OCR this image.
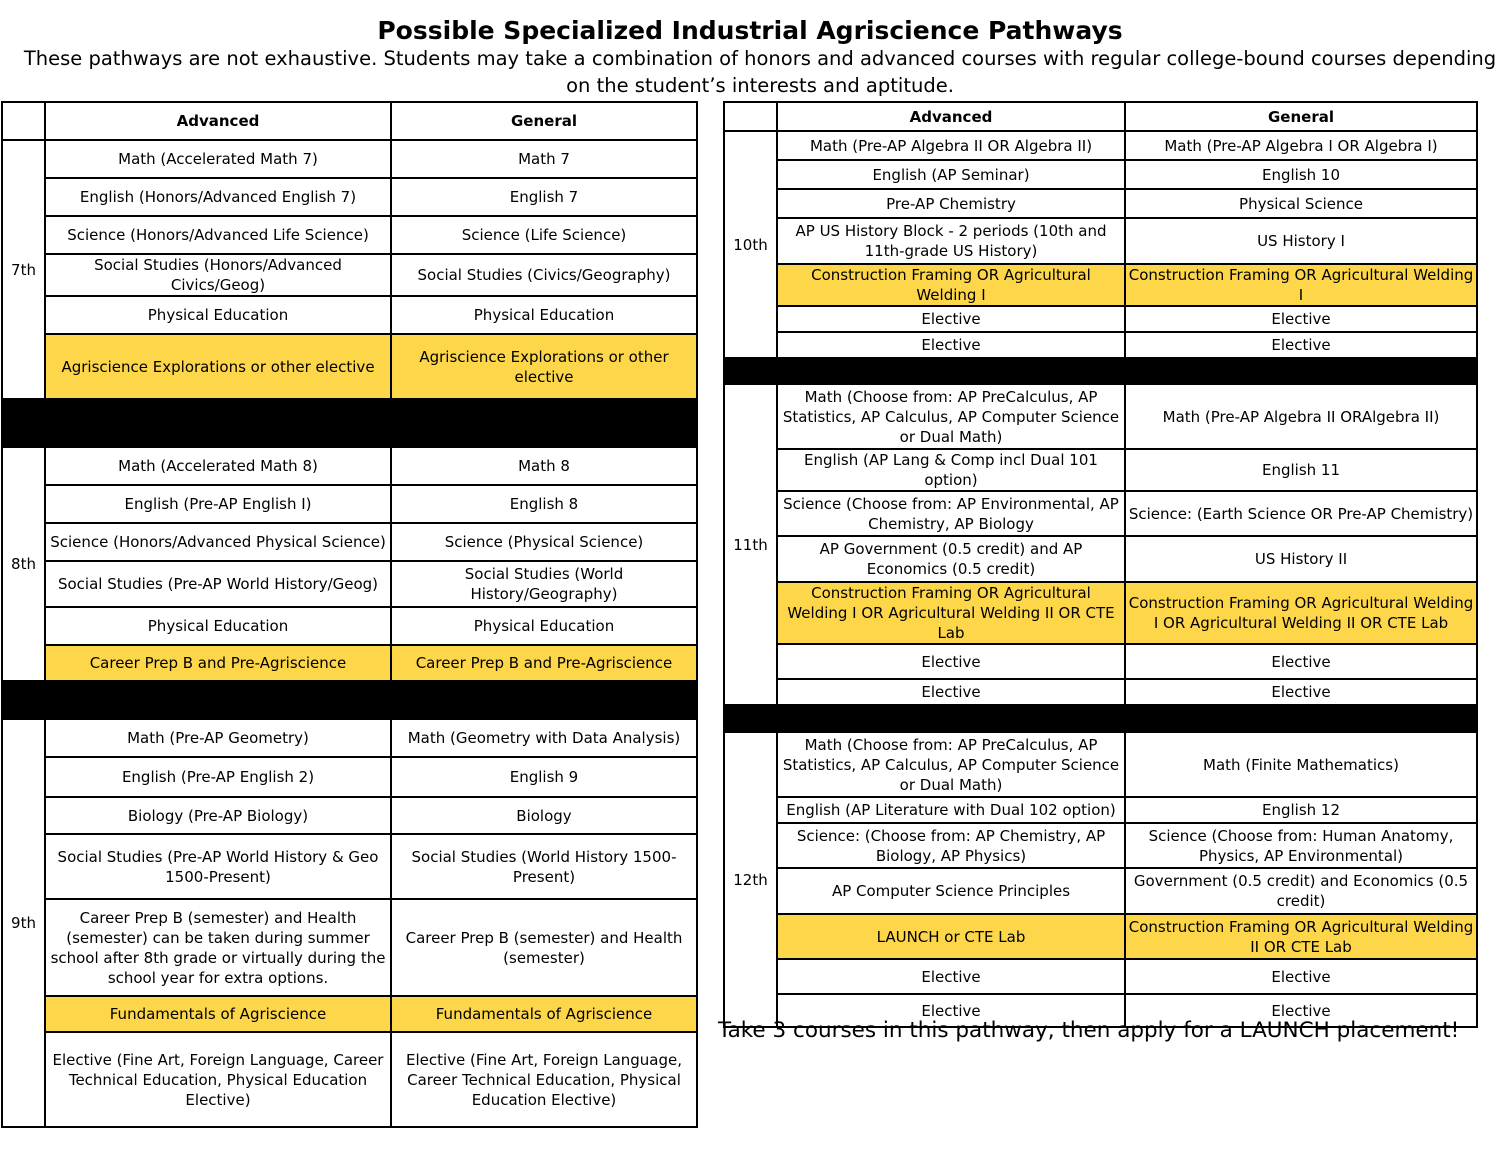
Possible Specialized Industrial Agriscience Pathways
These pathways are not exhaustive. Students may take a combination of honors and advanced courses with regular college-bound courses depending on the student’s interests and aptitude.
	Advanced	General
7th	Math (Accelerated Math 7)	Math 7
	English (Honors/Advanced English 7)	English 7
	Science (Honors/Advanced Life Science)	Science (Life Science)
	Social Studies (Honors/Advanced Civics/Geog)	Social Studies (Civics/Geography)
	Physical Education	Physical Education
	Agriscience Explorations or other elective	Agriscience Explorations or other elective

8th	Math (Accelerated Math 8)	Math 8
	English (Pre-AP English I)	English 8
	Science (Honors/Advanced Physical Science)	Science (Physical Science)
	Social Studies (Pre-AP World History/Geog)	Social Studies (World History/Geography)
	Physical Education	Physical Education
	Career Prep B and Pre-Agriscience	Career Prep B and Pre-Agriscience

9th	Math (Pre-AP Geometry)	Math (Geometry with Data Analysis)
	English (Pre-AP English 2)	English 9
	Biology (Pre-AP Biology)	Biology
	Social Studies (Pre-AP World History & Geo 1500-Present)	Social Studies (World History 1500-Present)
	Career Prep B (semester) and Health (semester) can be taken during summer school after 8th grade or virtually during the school year for extra options.	Career Prep B (semester) and Health (semester)
	Fundamentals of Agriscience	Fundamentals of Agriscience
	Elective (Fine Art, Foreign Language, Career Technical Education, Physical Education Elective)	Elective (Fine Art, Foreign Language, Career Technical Education, Physical Education Elective)
	Advanced	General
10th	Math (Pre-AP Algebra II OR Algebra II)	Math (Pre-AP Algebra I OR Algebra I)
	English (AP Seminar)	English 10
	Pre-AP Chemistry	Physical Science
	AP US History Block - 2 periods (10th and 11th-grade US History)	US History I
	Construction Framing OR Agricultural Welding I	Construction Framing OR Agricultural Welding I
	Elective	Elective
	Elective	Elective

11th	Math (Choose from: AP PreCalculus, AP Statistics, AP Calculus, AP Computer Science or Dual Math)	Math (Pre-AP Algebra II ORAlgebra II)
	English (AP Lang & Comp incl Dual 101 option)	English 11
	Science (Choose from: AP Environmental, AP Chemistry, AP Biology	Science: (Earth Science OR Pre-AP Chemistry)
	AP Government (0.5 credit) and AP Economics (0.5 credit)	US History II
	Construction Framing OR Agricultural Welding I OR Agricultural Welding II OR CTE Lab	Construction Framing OR Agricultural Welding I OR Agricultural Welding II OR CTE Lab
	Elective	Elective
	Elective	Elective

12th	Math (Choose from: AP PreCalculus, AP Statistics, AP Calculus, AP Computer Science or Dual Math)	Math (Finite Mathematics)
	English (AP Literature with Dual 102 option)	English 12
	Science: (Choose from: AP Chemistry, AP Biology, AP Physics)	Science (Choose from: Human Anatomy, Physics, AP Environmental)
	AP Computer Science Principles	Government (0.5 credit) and Economics (0.5 credit)
	LAUNCH or CTE Lab	Construction Framing OR Agricultural Welding II OR CTE Lab
	Elective	Elective
	Elective	Elective
Take 3 courses in this pathway, then apply for a LAUNCH placement!
